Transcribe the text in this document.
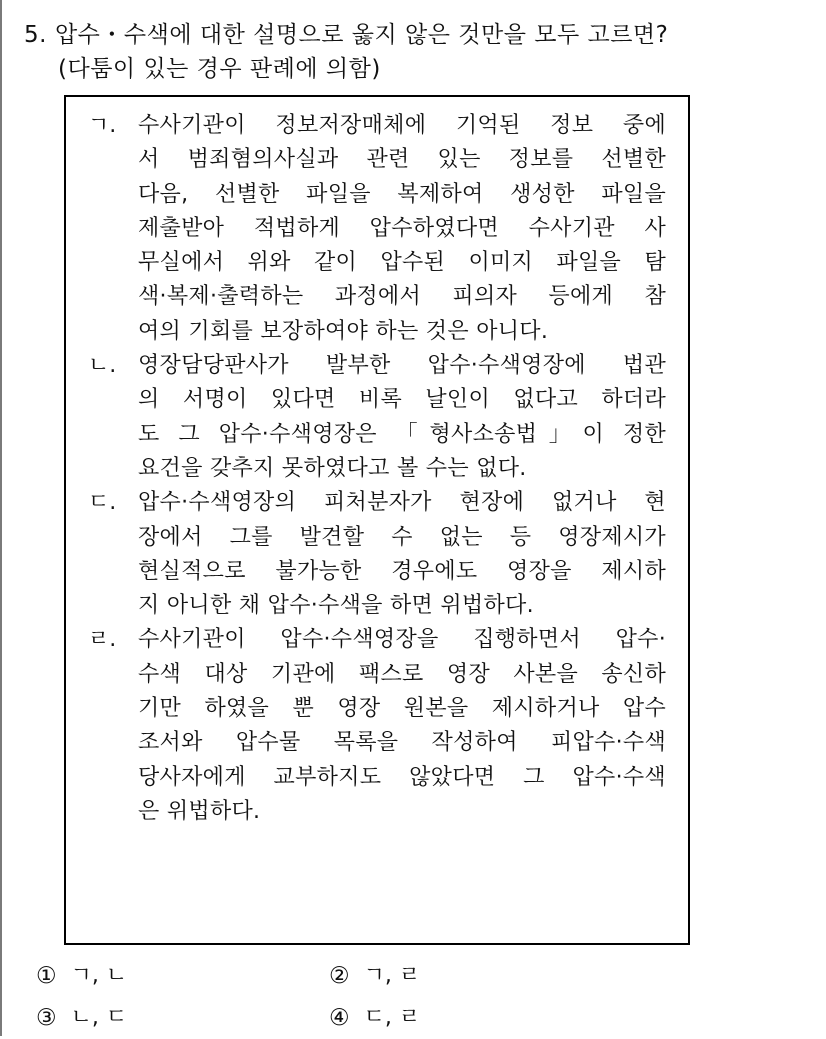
5. 압수・수색에 대한 설명으로 옳지 않은 것만을 모두 고르면?
(다툼이 있는 경우 판례에 의함)
ㄱ. 수사기관이 정보저장매체에 기억된 정보 중에
서 범죄혐의사실과 관련 있는 정보를 선별한
다음, 선별한 파일을 복제하여 생성한 파일을
제출받아 적법하게 압수하였다면 수사기관 사
무실에서 위와 같이 압수된 이미지 파일을 탐
색·복제·출력하는 과정에서 피의자 등에게 참
여의 기회를 보장하여야 하는 것은 아니다.
ㄴ. 영장담당판사가 발부한 압수·수색영장에 법관
의 서명이 있다면 비록 날인이 없다고 하더라
도 그 압수·수색영장은 「형사소송법」이 정한
요건을 갖추지 못하였다고 볼 수는 없다.
ㄷ. 압수·수색영장의 피처분자가 현장에 없거나 현
장에서 그를 발견할 수 없는 등 영장제시가
현실적으로 불가능한 경우에도 영장을 제시하
지 아니한 채 압수·수색을 하면 위법하다.
ㄹ. 수사기관이 압수·수색영장을 집행하면서 압수·
수색 대상 기관에 팩스로 영장 사본을 송신하
기만 하였을 뿐 영장 원본을 제시하거나 압수
조서와 압수물 목록을 작성하여 피압수·수색
당사자에게 교부하지도 않았다면 그 압수·수색
은 위법하다.
① ㄱ, ㄴ	② ㄱ, ㄹ
③ ㄴ, ㄷ	④ ㄷ, ㄹ
